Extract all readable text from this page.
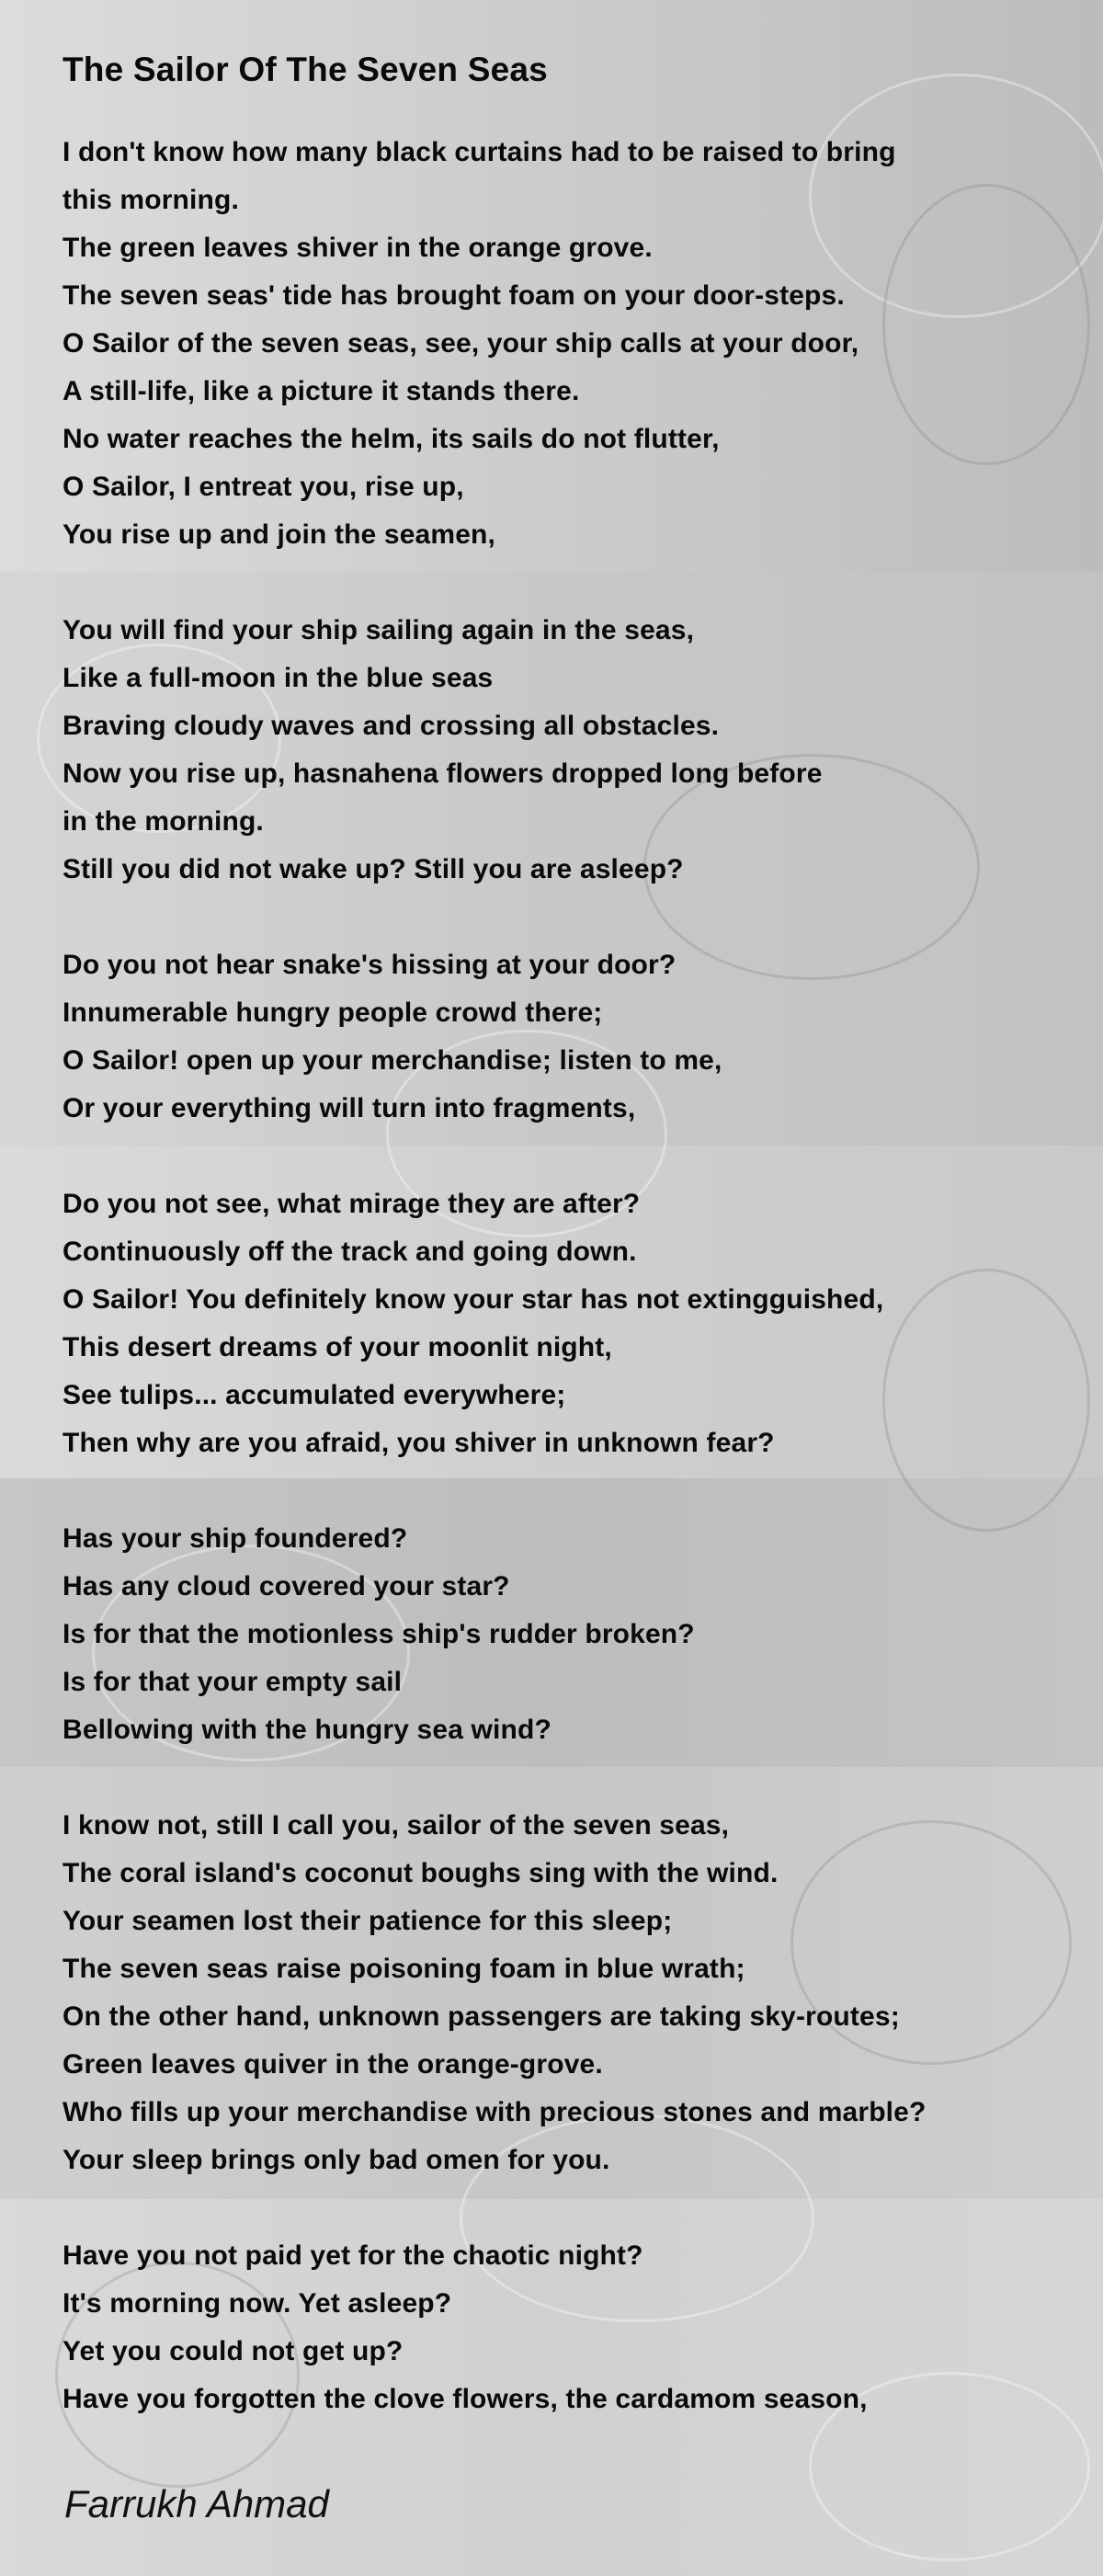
The Sailor Of The Seven Seas
I don't know how many black curtains had to be raised to bring
this morning.
The green leaves shiver in the orange grove.
The seven seas' tide has brought foam on your door-steps.
O Sailor of the seven seas, see, your ship calls at your door,
A still-life, like a picture it stands there.
No water reaches the helm, its sails do not flutter,
O Sailor, I entreat you, rise up,
You rise up and join the seamen,
You will find your ship sailing again in the seas,
Like a full-moon in the blue seas
Braving cloudy waves and crossing all obstacles.
Now you rise up, hasnahena flowers dropped long before
in the morning.
Still you did not wake up? Still you are asleep?
Do you not hear snake's hissing at your door?
Innumerable hungry people crowd there;
O Sailor! open up your merchandise; listen to me,
Or your everything will turn into fragments,
Do you not see, what mirage they are after?
Continuously off the track and going down.
O Sailor! You definitely know your star has not extingguished,
This desert dreams of your moonlit night,
See tulips... accumulated everywhere;
Then why are you afraid, you shiver in unknown fear?
Has your ship foundered?
Has any cloud covered your star?
Is for that the motionless ship's rudder broken?
Is for that your empty sail
Bellowing with the hungry sea wind?
I know not, still I call you, sailor of the seven seas,
The coral island's coconut boughs sing with the wind.
Your seamen lost their patience for this sleep;
The seven seas raise poisoning foam in blue wrath;
On the other hand, unknown passengers are taking sky-routes;
Green leaves quiver in the orange-grove.
Who fills up your merchandise with precious stones and marble?
Your sleep brings only bad omen for you.
Have you not paid yet for the chaotic night?
It's morning now. Yet asleep?
Yet you could not get up?
Have you forgotten the clove flowers, the cardamom season,
Farrukh Ahmad
